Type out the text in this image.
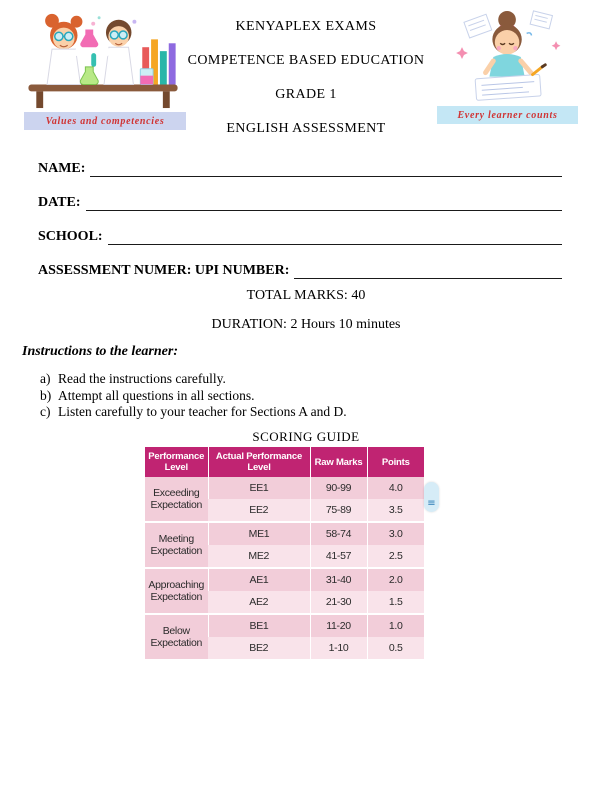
Values and competencies
Every learner counts
KENYAPLEX EXAMS
COMPETENCE BASED EDUCATION
GRADE 1
ENGLISH ASSESSMENT
NAME:
DATE:
SCHOOL:
ASSESSMENT NUMER: UPI NUMBER:
TOTAL MARKS: 40
DURATION: 2 Hours 10 minutes
Instructions to the learner:
a) Read the instructions carefully.
b) Attempt all questions in all sections.
c) Listen carefully to your teacher for Sections A and D.
SCORING GUIDE
Performance Level	Actual Performance Level	Raw Marks	Points
Exceeding Expectation	EE1	90-99	4.0
	EE2	75-89	3.5
Meeting Expectation	ME1	58-74	3.0
	ME2	41-57	2.5
Approaching Expectation	AE1	31-40	2.0
	AE2	21-30	1.5
Below Expectation	BE1	11-20	1.0
	BE2	1-10	0.5
≡
